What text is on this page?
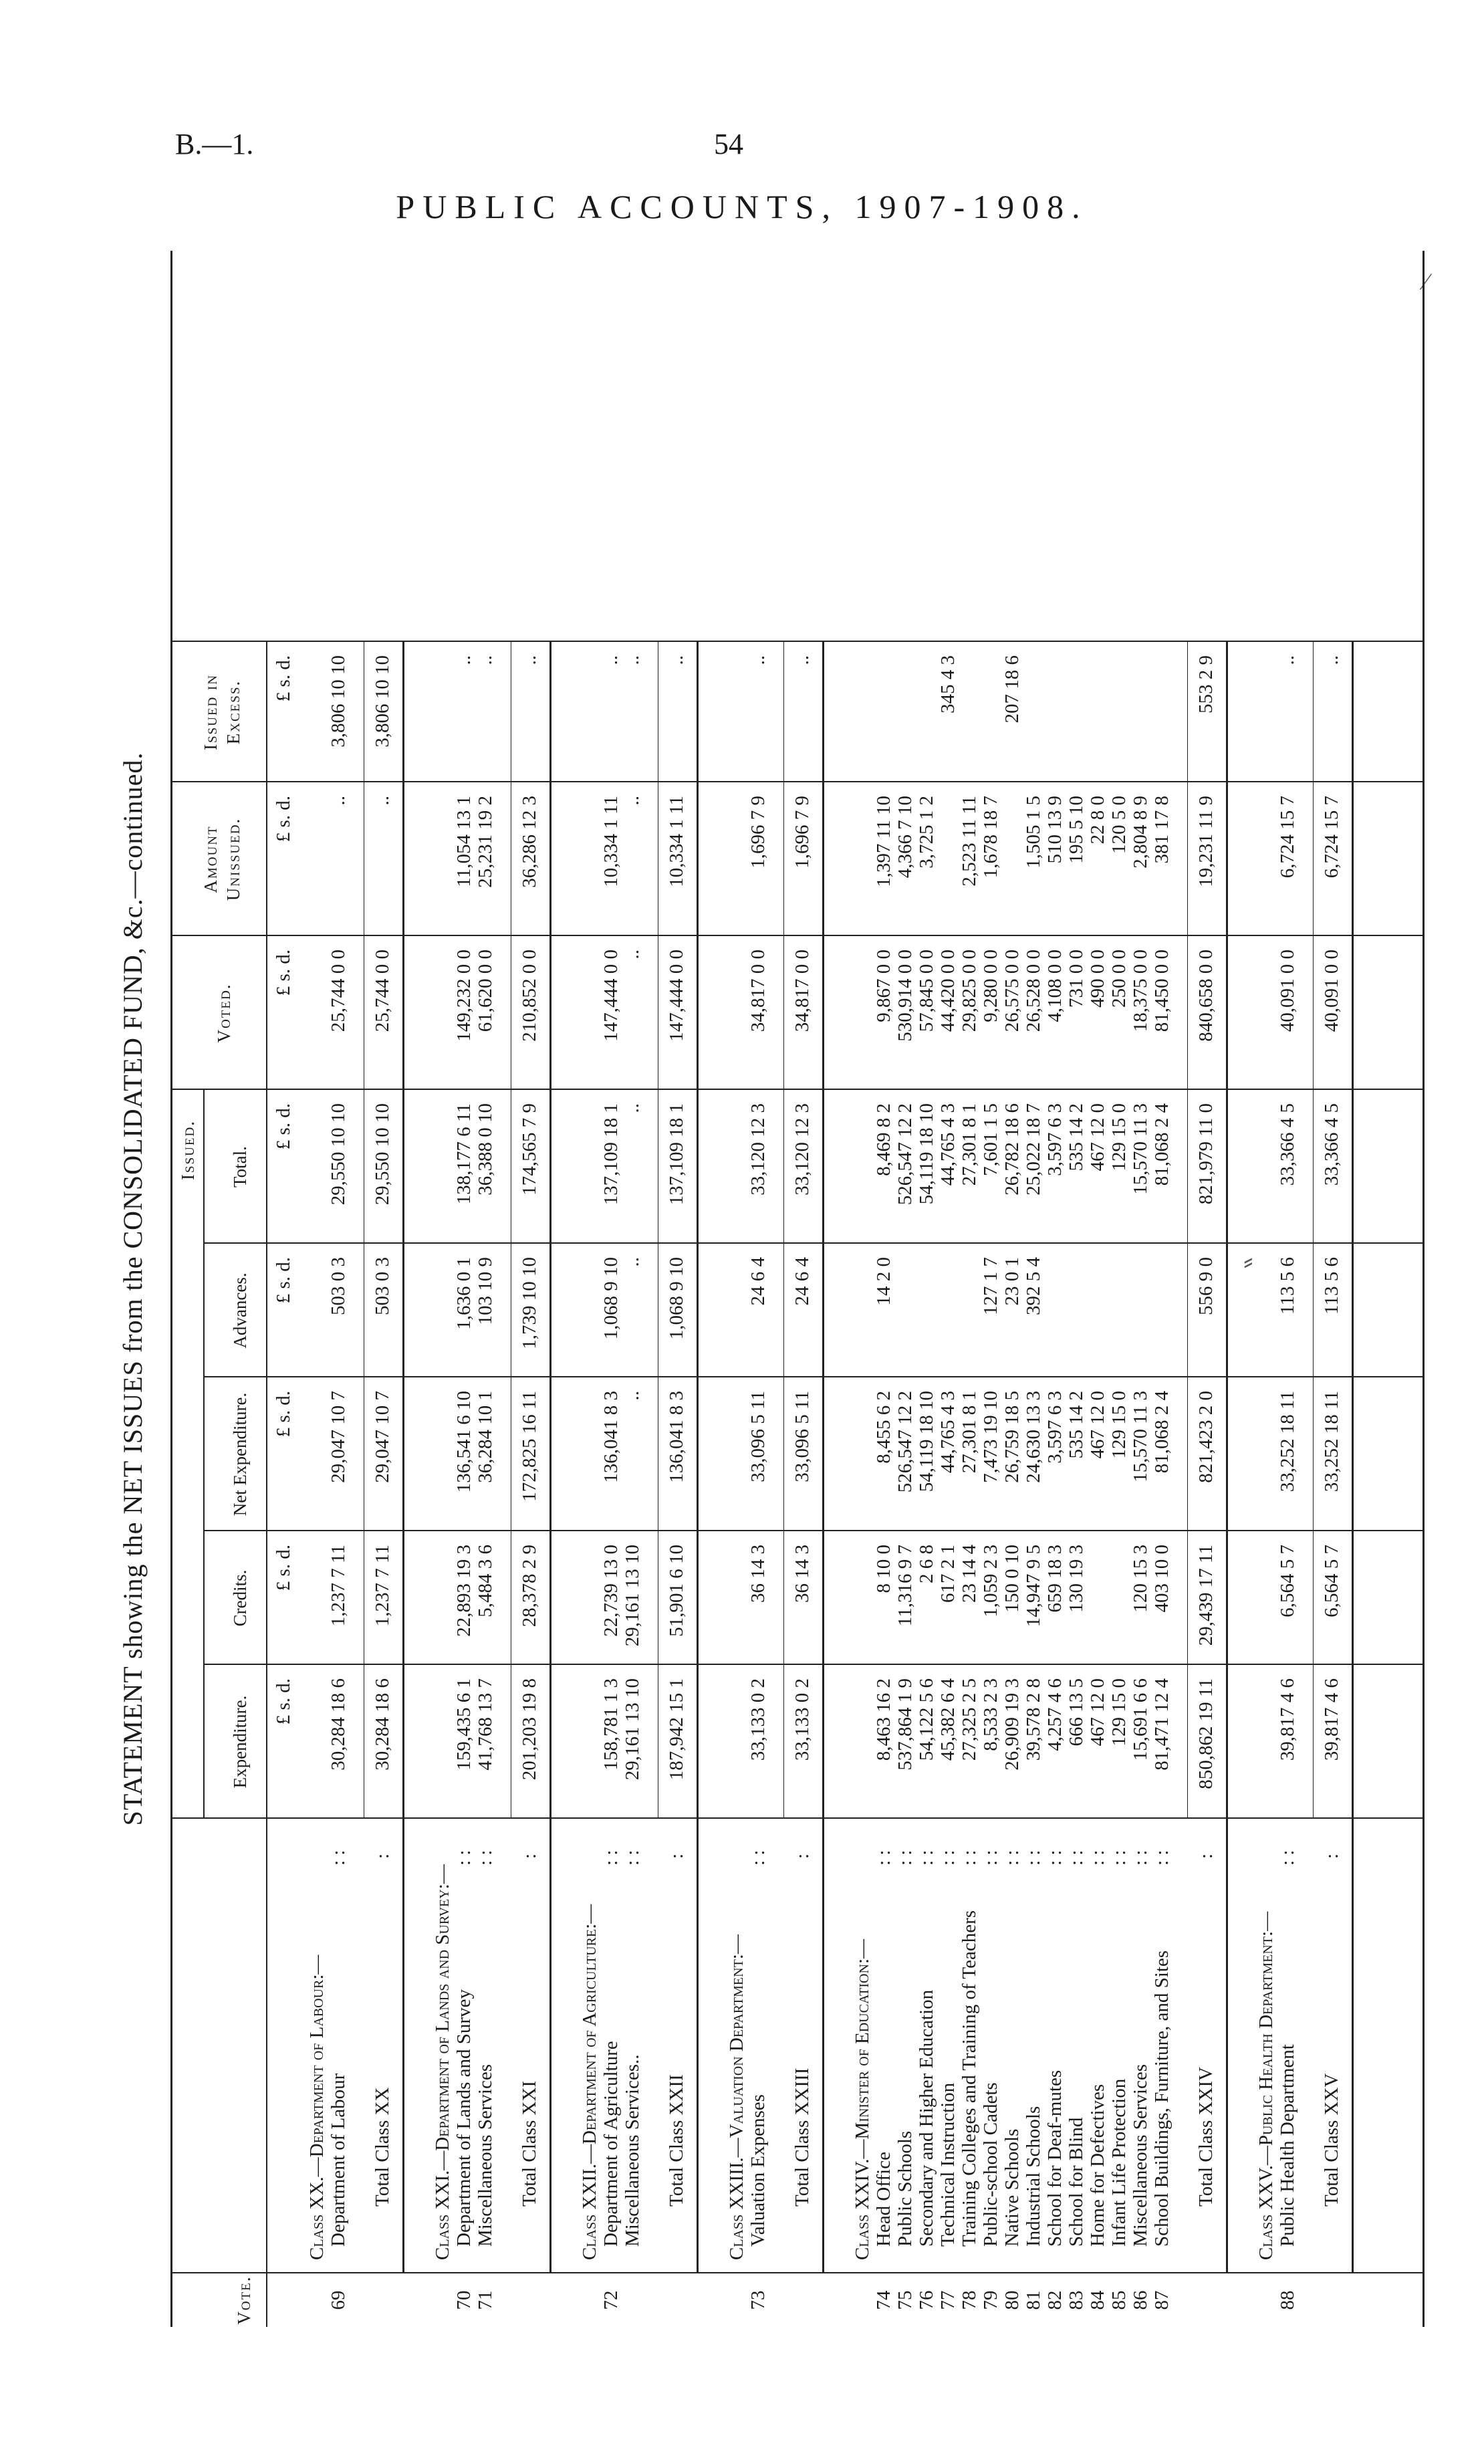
B.—1.	54
PUBLIC ACCOUNTS, 1907-1908.
⁄
⸗
STATEMENT showing the NET ISSUES from the CONSOLIDATED FUND, &c.—continued.
Vote.
Issued.
Expenditure.
Credits.
Net Expenditure.
Advances.
Total.
Voted.
Amount Unissued.
Issued in Excess.
Class XX.—Department of Labour:—
69
Department of Labour
: :
30,284 18 6
1,237 7 11
29,047 10 7
503 0 3
29,550 10 10
25,744 0 0
..
3,806 10 10
Total Class XX
:
30,284 18 6
1,237 7 11
29,047 10 7
503 0 3
29,550 10 10
25,744 0 0
..
3,806 10 10
Class XXI.—Department of Lands and Survey:—
70
Department of Lands and Survey
: :
159,435 6 1
22,893 19 3
136,541 6 10
1,636 0 1
138,177 6 11
149,232 0 0
11,054 13 1
..
71
Miscellaneous Services
: :
41,768 13 7
5,484 3 6
36,284 10 1
103 10 9
36,388 0 10
61,620 0 0
25,231 19 2
..
Total Class XXI
:
201,203 19 8
28,378 2 9
172,825 16 11
1,739 10 10
174,565 7 9
210,852 0 0
36,286 12 3
..
Class XXII.—Department of Agriculture:—
72
Department of Agriculture
: :
158,781 1 3
22,739 13 0
136,041 8 3
1,068 9 10
137,109 18 1
147,444 0 0
10,334 1 11
..
Miscellaneous Services..
: :
29,161 13 10
29,161 13 10
..
..
..
..
..
..
Total Class XXII
:
187,942 15 1
51,901 6 10
136,041 8 3
1,068 9 10
137,109 18 1
147,444 0 0
10,334 1 11
..
Class XXIII.—Valuation Department:—
73
Valuation Expenses
: :
33,133 0 2
36 14 3
33,096 5 11
24 6 4
33,120 12 3
34,817 0 0
1,696 7 9
..
Total Class XXIII
:
33,133 0 2
36 14 3
33,096 5 11
24 6 4
33,120 12 3
34,817 0 0
1,696 7 9
..
Class XXIV.—Minister of Education:—
74
Head Office
: :
8,463 16 2
8 10 0
8,455 6 2
14 2 0
8,469 8 2
9,867 0 0
1,397 11 10
75
Public Schools
: :
537,864 1 9
11,316 9 7
526,547 12 2
526,547 12 2
530,914 0 0
4,366 7 10
76
Secondary and Higher Education
: :
54,122 5 6
2 6 8
54,119 18 10
54,119 18 10
57,845 0 0
3,725 1 2
77
Technical Instruction
: :
45,382 6 4
617 2 1
44,765 4 3
44,765 4 3
44,420 0 0
345 4 3
78
Training Colleges and Training of Teachers
: :
27,325 2 5
23 14 4
27,301 8 1
27,301 8 1
29,825 0 0
2,523 11 11
79
Public-school Cadets
: :
8,533 2 3
1,059 2 3
7,473 19 10
127 1 7
7,601 1 5
9,280 0 0
1,678 18 7
80
Native Schools
: :
26,909 19 3
150 0 10
26,759 18 5
23 0 1
26,782 18 6
26,575 0 0
207 18 6
81
Industrial Schools
: :
39,578 2 8
14,947 9 5
24,630 13 3
392 5 4
25,022 18 7
26,528 0 0
1,505 1 5
82
School for Deaf-mutes
: :
4,257 4 6
659 18 3
3,597 6 3
3,597 6 3
4,108 0 0
510 13 9
83
School for Blind
: :
666 13 5
130 19 3
535 14 2
535 14 2
731 0 0
195 5 10
84
Home for Defectives
: :
467 12 0
467 12 0
467 12 0
490 0 0
22 8 0
85
Infant Life Protection
: :
129 15 0
129 15 0
129 15 0
250 0 0
120 5 0
86
Miscellaneous Services
: :
15,691 6 6
120 15 3
15,570 11 3
15,570 11 3
18,375 0 0
2,804 8 9
87
School Buildings, Furniture, and Sites
: :
81,471 12 4
403 10 0
81,068 2 4
81,068 2 4
81,450 0 0
381 17 8
Total Class XXIV
:
850,862 19 11
29,439 17 11
821,423 2 0
556 9 0
821,979 11 0
840,658 0 0
19,231 11 9
553 2 9
Class XXV.—Public Health Department:—
88
Public Health Department
: :
39,817 4 6
6,564 5 7
33,252 18 11
113 5 6
33,366 4 5
40,091 0 0
6,724 15 7
..
Total Class XXV
:
39,817 4 6
6,564 5 7
33,252 18 11
113 5 6
33,366 4 5
40,091 0 0
6,724 15 7
..
£ s. d.
£ s. d.
£ s. d.
£ s. d.
£ s. d.
£ s. d.
£ s. d.
£ s. d.
